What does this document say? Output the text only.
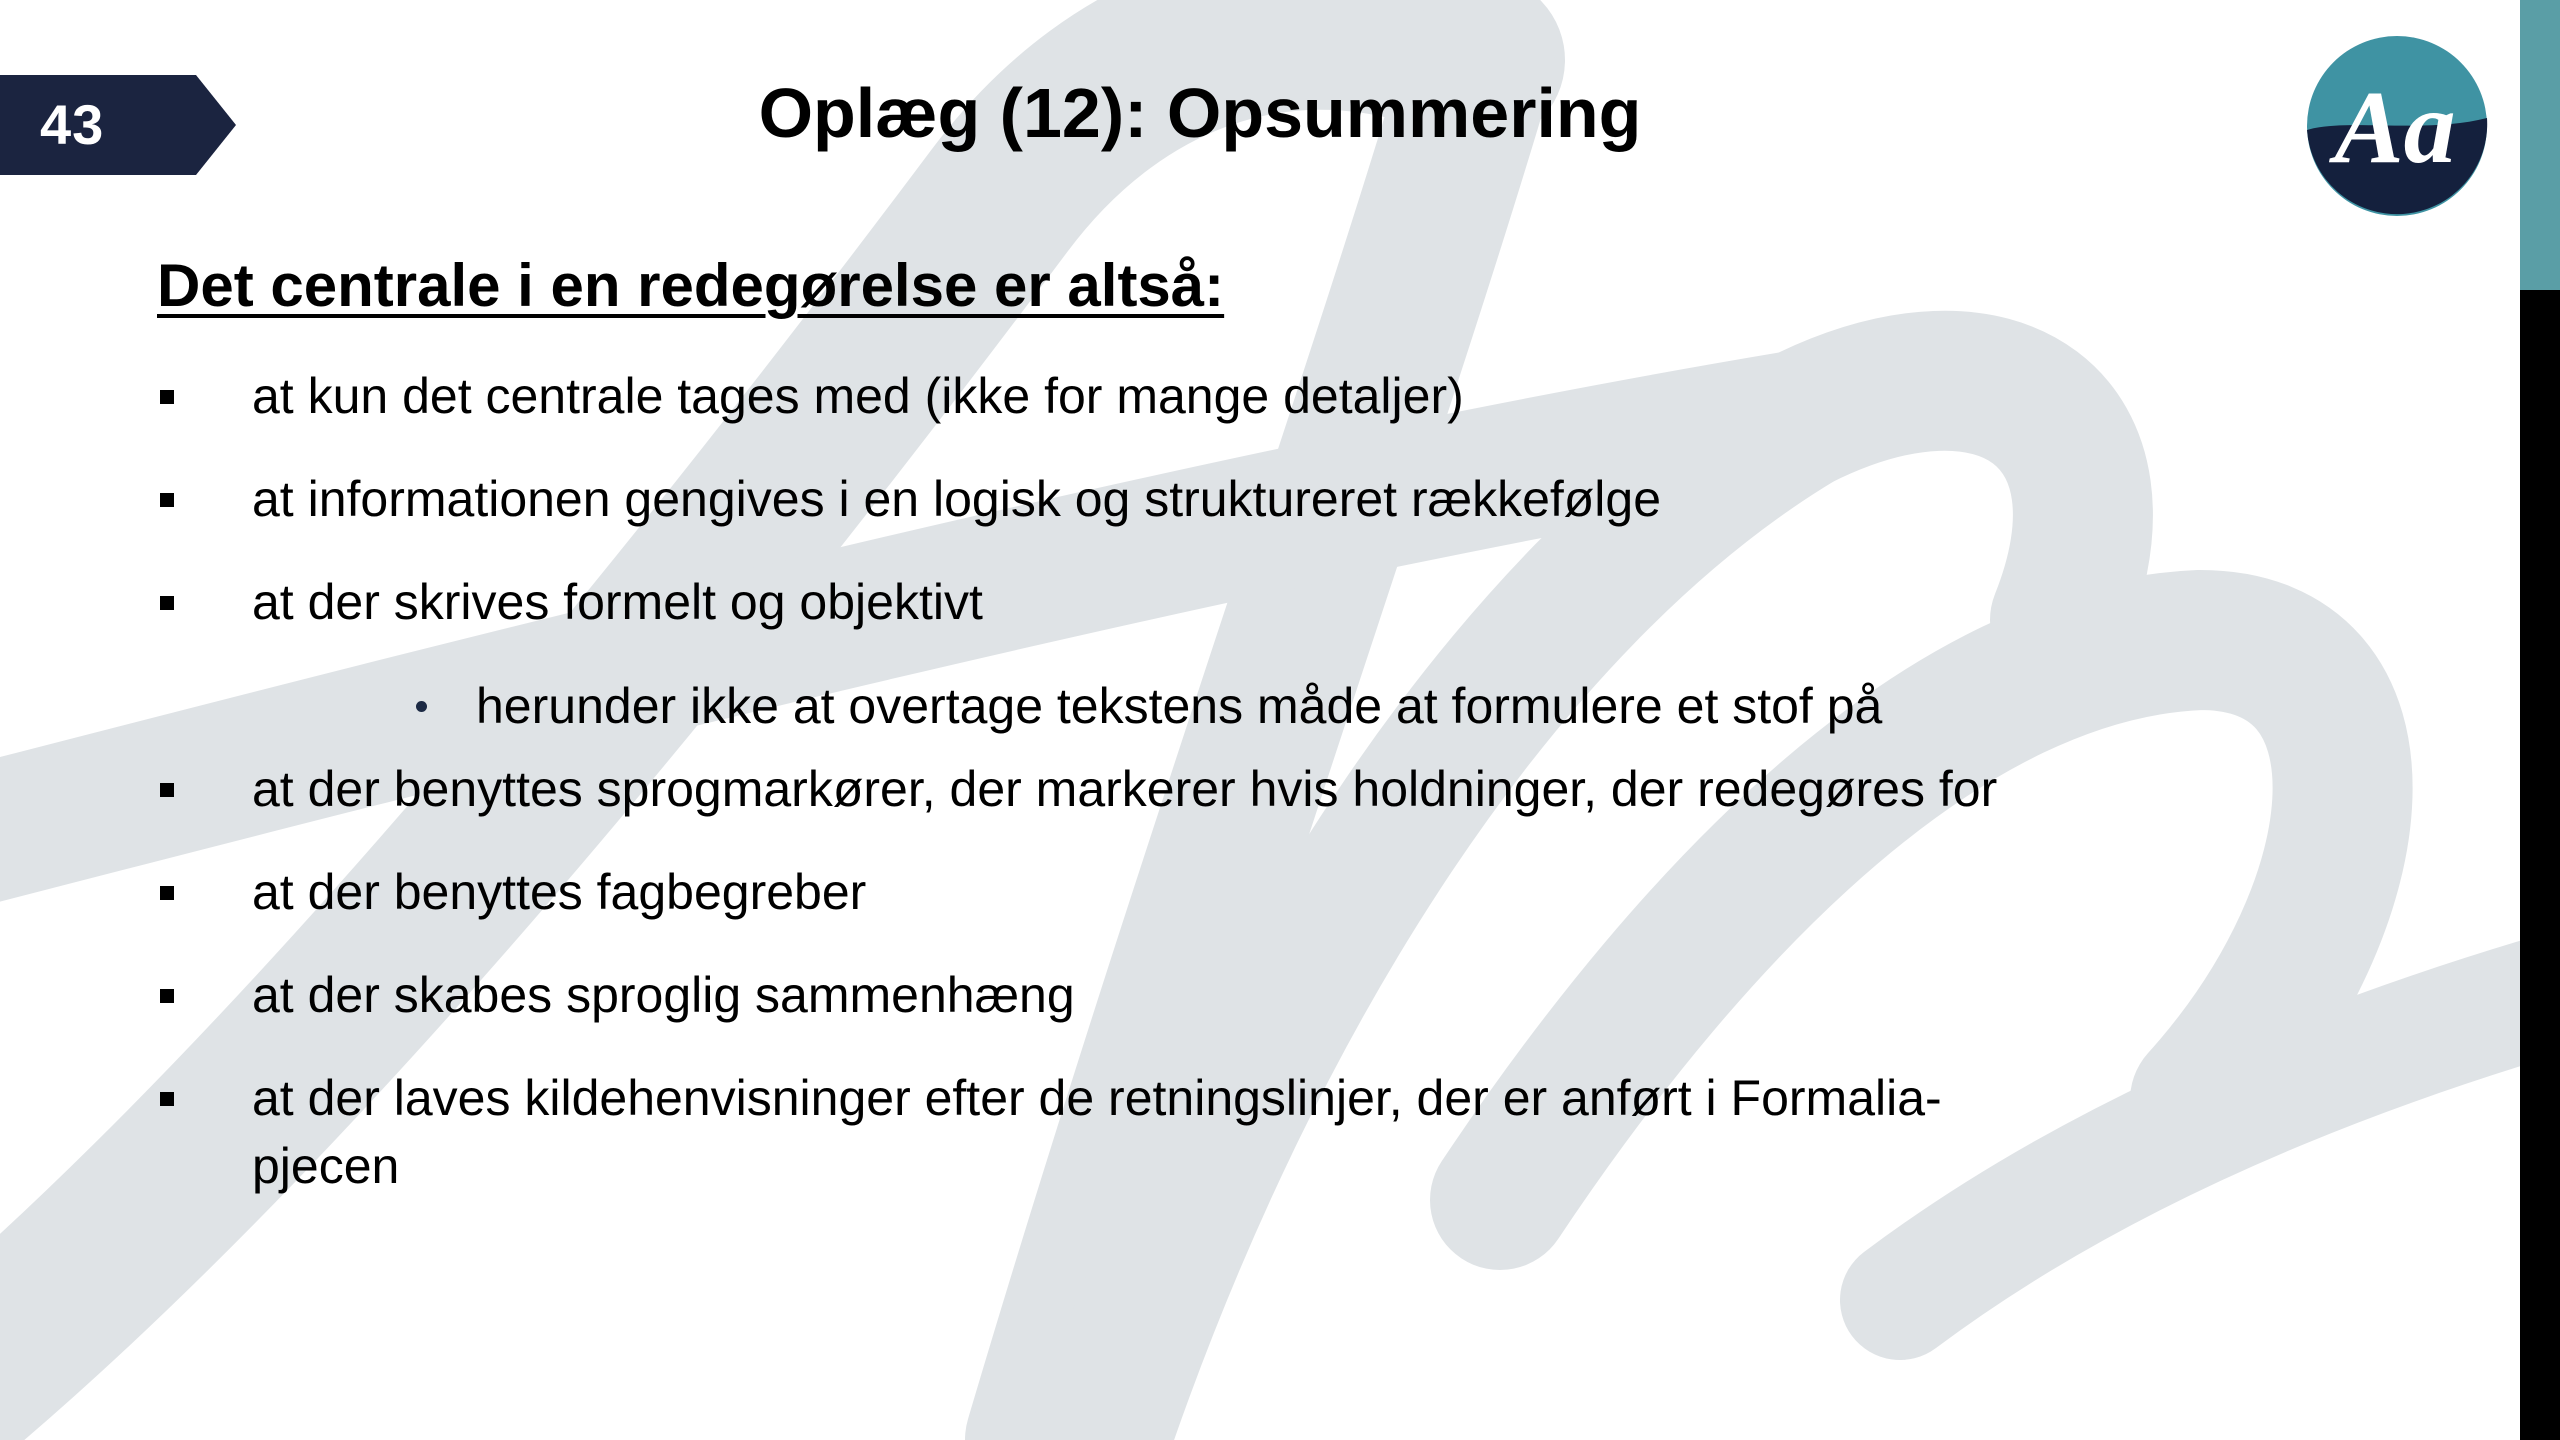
43	Oplæg (12): Opsummering	Aa
Det centrale i en redegørelse er altså:
at kun det centrale tages med (ikke for mange detaljer)
at informationen gengives i en logisk og struktureret rækkefølge
at der skrives formelt og objektivt
herunder ikke at overtage tekstens måde at formulere et stof på
at der benyttes sprogmarkører, der markerer hvis holdninger, der redegøres for
at der benyttes fagbegreber
at der skabes sproglig sammenhæng
at der laves kildehenvisninger efter de retningslinjer, der er anført i Formalia-
pjecen
